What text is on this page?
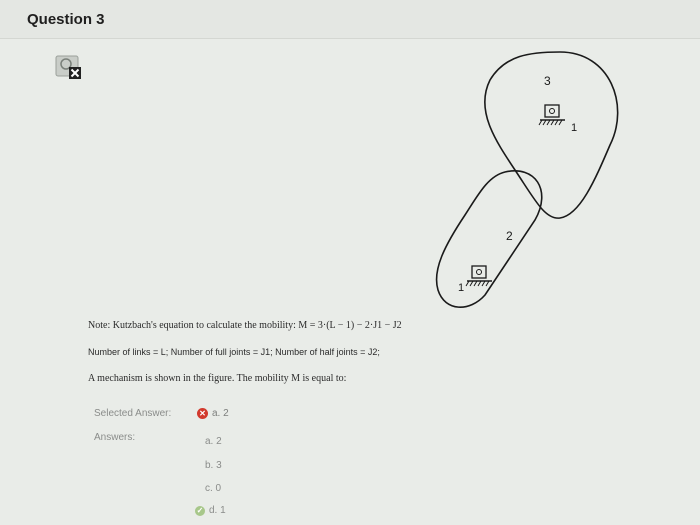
Question 3
3
2
1
1
Note: Kutzbach's equation to calculate the mobility: M = 3·(L − 1) − 2·J1 − J2
Number of links = L; Number of full joints = J1; Number of half joints = J2;
A mechanism is shown in the figure. The mobility M is equal to:
Selected Answer:	✕ a. 2
Answers:	a. 2
b. 3
c. 0
✓ d. 1
